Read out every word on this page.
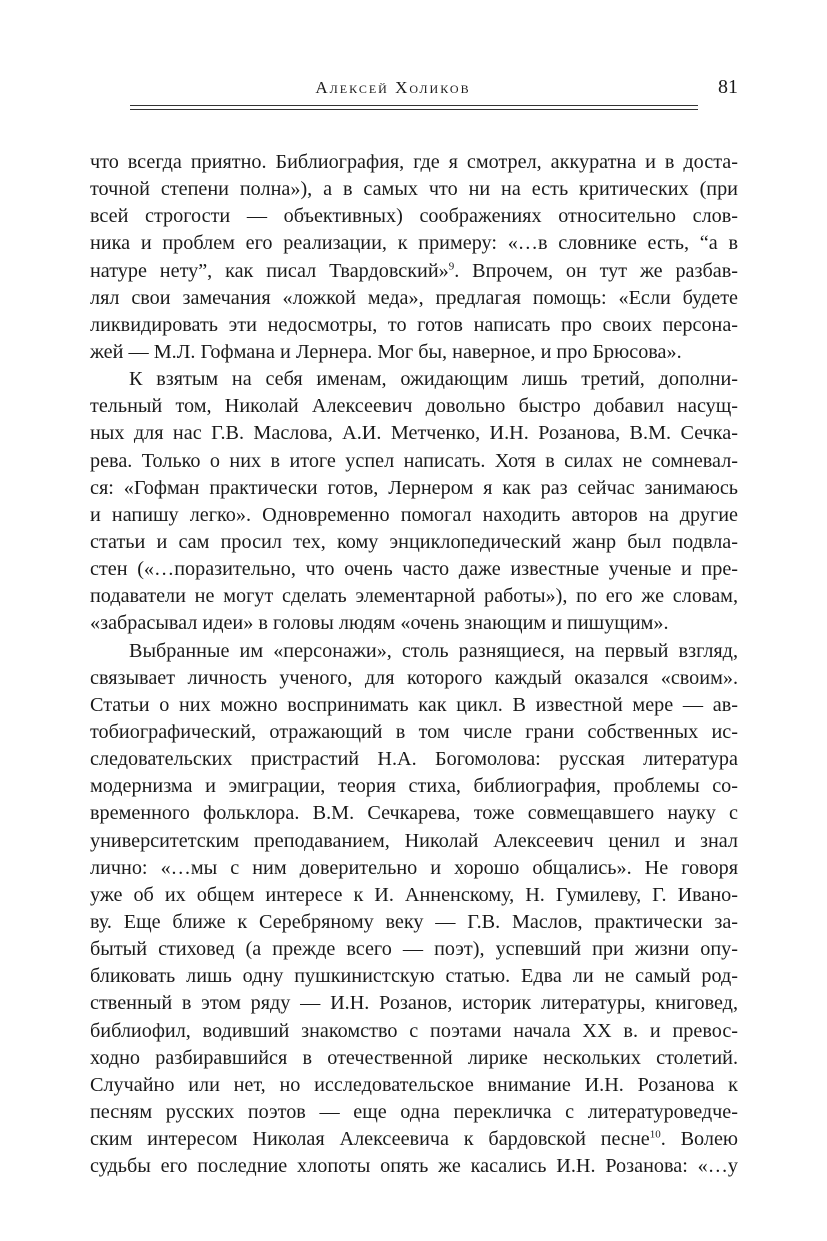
Алексей Холиков	81
что всегда приятно. Библиография, где я смотрел, аккуратна и в доста-
точной степени полна»), а в самых что ни на есть критических (при
всей строгости — объективных) соображениях относительно слов-
ника и проблем его реализации, к примеру: «…в словнике есть, “а в
натуре нету”, как писал Твардовский»$^9$. Впрочем, он тут же разбав-
лял свои замечания «ложкой меда», предлагая помощь: «Если будете
ликвидировать эти недосмотры, то готов написать про своих персона-
жей — М.Л. Гофмана и Лернера. Мог бы, наверное, и про Брюсова».
К взятым на себя именам, ожидающим лишь третий, дополни-
тельный том, Николай Алексеевич довольно быстро добавил насущ-
ных для нас Г.В. Маслова, А.И. Метченко, И.Н. Розанова, В.М. Сечка-
рева. Только о них в итоге успел написать. Хотя в силах не сомневал-
ся: «Гофман практически готов, Лернером я как раз сейчас занимаюсь
и напишу легко». Одновременно помогал находить авторов на другие
статьи и сам просил тех, кому энциклопедический жанр был подвла-
стен («…поразительно, что очень часто даже известные ученые и пре-
подаватели не могут сделать элементарной работы»), по его же словам,
«забрасывал идеи» в головы людям «очень знающим и пишущим».
Выбранные им «персонажи», столь разнящиеся, на первый взгляд,
связывает личность ученого, для которого каждый оказался «своим».
Статьи о них можно воспринимать как цикл. В известной мере — ав-
тобиографический, отражающий в том числе грани собственных ис-
следовательских пристрастий Н.А. Богомолова: русская литература
модернизма и эмиграции, теория стиха, библиография, проблемы со-
временного фольклора. В.М. Сечкарева, тоже совмещавшего науку с
университетским преподаванием, Николай Алексеевич ценил и знал
лично: «…мы с ним доверительно и хорошо общались». Не говоря
уже об их общем интересе к И. Анненскому, Н. Гумилеву, Г. Ивано-
ву. Еще ближе к Серебряному веку — Г.В. Маслов, практически за-
бытый стиховед (а прежде всего — поэт), успевший при жизни опу-
бликовать лишь одну пушкинистскую статью. Едва ли не самый род-
ственный в этом ряду — И.Н. Розанов, историк литературы, книговед,
библиофил, водивший знакомство с поэтами начала XX в. и превос-
ходно разбиравшийся в отечественной лирике нескольких столетий.
Случайно или нет, но исследовательское внимание И.Н. Розанова к
песням русских поэтов — еще одна перекличка с литературоведче-
ским интересом Николая Алексеевича к бардовской песне$^{10}$. Волею
судьбы его последние хлопоты опять же касались И.Н. Розанова: «…у
